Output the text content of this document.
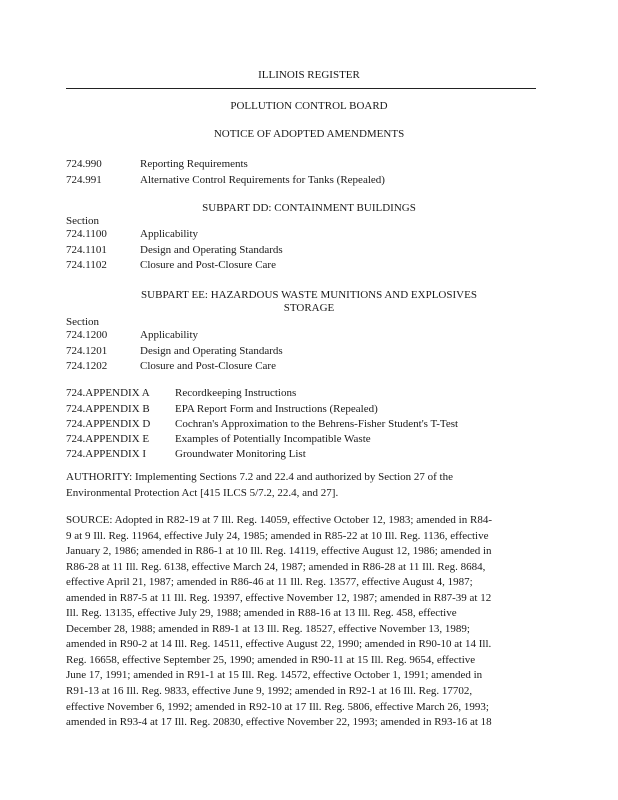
ILLINOIS REGISTER
POLLUTION CONTROL BOARD
NOTICE OF ADOPTED AMENDMENTS
724.990	Reporting Requirements
724.991	Alternative Control Requirements for Tanks (Repealed)
SUBPART DD: CONTAINMENT BUILDINGS
Section
724.1100	Applicability
724.1101	Design and Operating Standards
724.1102	Closure and Post-Closure Care
SUBPART EE: HAZARDOUS WASTE MUNITIONS AND EXPLOSIVES
STORAGE
Section
724.1200	Applicability
724.1201	Design and Operating Standards
724.1202	Closure and Post-Closure Care
724.APPENDIX A Recordkeeping Instructions
724.APPENDIX B EPA Report Form and Instructions (Repealed)
724.APPENDIX D Cochran's Approximation to the Behrens-Fisher Student's T-Test
724.APPENDIX E Examples of Potentially Incompatible Waste
724.APPENDIX I	Groundwater Monitoring List
AUTHORITY: Implementing Sections 7.2 and 22.4 and authorized by Section 27 of the
Environmental Protection Act [415 ILCS 5/7.2, 22.4, and 27].
SOURCE: Adopted in R82-19 at 7 Ill. Reg. 14059, effective October 12, 1983; amended in R84-
9 at 9 Ill. Reg. 11964, effective July 24, 1985; amended in R85-22 at 10 Ill. Reg. 1136, effective
January 2, 1986; amended in R86-1 at 10 Ill. Reg. 14119, effective August 12, 1986; amended in
R86-28 at 11 Ill. Reg. 6138, effective March 24, 1987; amended in R86-28 at 11 Ill. Reg. 8684,
effective April 21, 1987; amended in R86-46 at 11 Ill. Reg. 13577, effective August 4, 1987;
amended in R87-5 at 11 Ill. Reg. 19397, effective November 12, 1987; amended in R87-39 at 12
Ill. Reg. 13135, effective July 29, 1988; amended in R88-16 at 13 Ill. Reg. 458, effective
December 28, 1988; amended in R89-1 at 13 Ill. Reg. 18527, effective November 13, 1989;
amended in R90-2 at 14 Ill. Reg. 14511, effective August 22, 1990; amended in R90-10 at 14 Ill.
Reg. 16658, effective September 25, 1990; amended in R90-11 at 15 Ill. Reg. 9654, effective
June 17, 1991; amended in R91-1 at 15 Ill. Reg. 14572, effective October 1, 1991; amended in
R91-13 at 16 Ill. Reg. 9833, effective June 9, 1992; amended in R92-1 at 16 Ill. Reg. 17702,
effective November 6, 1992; amended in R92-10 at 17 Ill. Reg. 5806, effective March 26, 1993;
amended in R93-4 at 17 Ill. Reg. 20830, effective November 22, 1993; amended in R93-16 at 18
